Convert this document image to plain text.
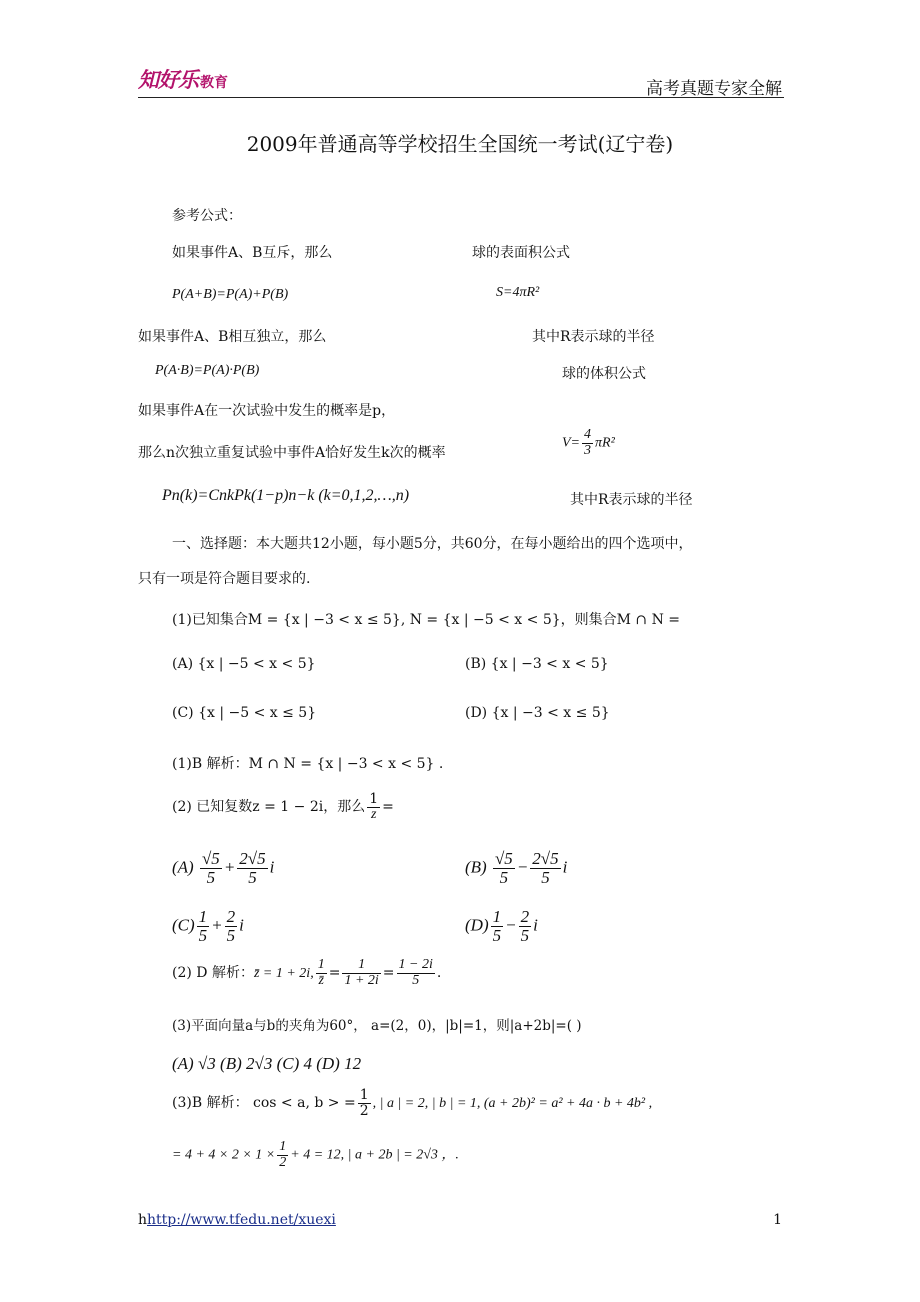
知好乐 教育	高考真题专家全解
2009年普通高等学校招生全国统一考试(辽宁卷)
参考公式：
如果事件A、B互斥，那么	球的表面积公式
P(A+B)=P(A)+P(B)	S=4πR²
如果事件A、B相互独立，那么	其中R表示球的半径
P(A·B)=P(A)·P(B)	球的体积公式
如果事件A在一次试验中发生的概率是p，
那么n次独立重复试验中事件A恰好发生k次的概率
$V= \frac{4}{3} \pi R^2$
Pn(k)=CnkPk(1−p)n−k (k=0,1,2,…,n)	其中R表示球的半径
一、选择题：本大题共12小题，每小题5分，共60分，在每小题给出的四个选项中，
只有一项是符合题目要求的.
(1)已知集合M = {x | −3 < x ≤ 5}, N = {x | −5 < x < 5}，则集合M ∩ N =
(A) {x | −5 < x < 5}	(B) {x | −3 < x < 5}
(C) {x | −5 < x ≤ 5}	(D) {x | −3 < x ≤ 5}
(1)B 解析：M ∩ N = {x | −3 < x < 5} .
(2) 已知复数z = 1 − 2i，那么 $\frac{1}{z}$ =
$(A) \frac{√5}{5} + \frac{2√5}{5}$ i	$(B) \frac{√5}{5} - \frac{2√5}{5}$ i
$(C) \frac{1}{5} + \frac{2}{5}$ i	$(D) \frac{1}{5} - \frac{2}{5}$ i
(2) D 解析：z̄ = 1 + 2i, $\frac{1}{z̄} = \frac{1}{1 + 2i} = \frac{1 - 2i}{5}$ .
(3)平面向量a与b的夹角为60°， a=(2，0)，|b|=1，则|a+2b|=( )
(A) √3 (B) 2√3 (C) 4 (D) 12
(3)B 解析： cos < a, b > = $\frac{1}{2}$ , | a | = 2, | b | = 1, (a + 2b)² = a² + 4a · b + 4b² ,
= $4 + 4 \times 2 \times 1 \times \frac{1}{2} + 4 = 12$, | a + 2b | = 2√3 ，.
hhttp://www.tfedu.net/xuexi	1
